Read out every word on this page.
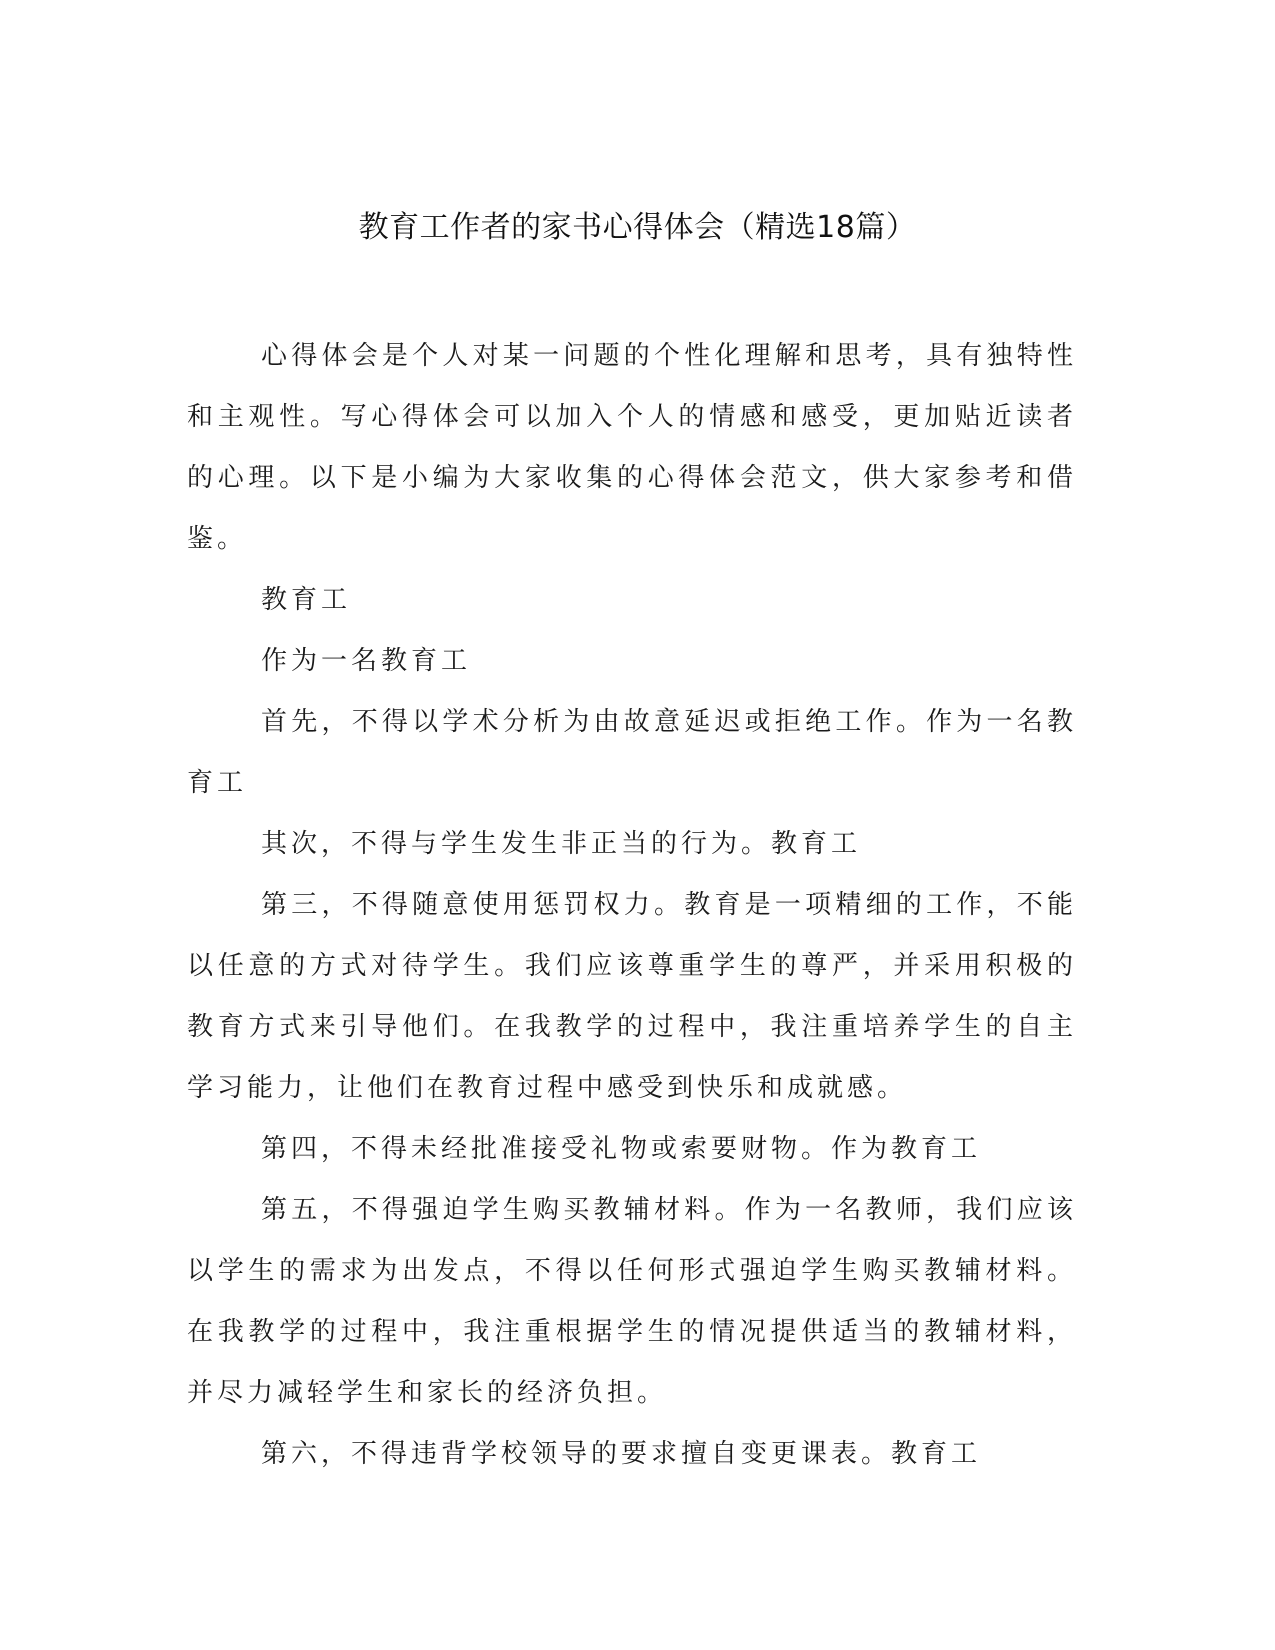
教育工作者的家书心得体会（精选18篇）

心得体会是个人对某一问题的个性化理解和思考，具有独特性和主观性。写心得体会可以加入个人的情感和感受，更加贴近读者的心理。以下是小编为大家收集的心得体会范文，供大家参考和借鉴。

教育工

作为一名教育工

首先，不得以学术分析为由故意延迟或拒绝工作。作为一名教育工

其次，不得与学生发生非正当的行为。教育工

第三，不得随意使用惩罚权力。教育是一项精细的工作，不能以任意的方式对待学生。我们应该尊重学生的尊严，并采用积极的教育方式来引导他们。在我教学的过程中，我注重培养学生的自主学习能力，让他们在教育过程中感受到快乐和成就感。

第四，不得未经批准接受礼物或索要财物。作为教育工

第五，不得强迫学生购买教辅材料。作为一名教师，我们应该以学生的需求为出发点，不得以任何形式强迫学生购买教辅材料。在我教学的过程中，我注重根据学生的情况提供适当的教辅材料，并尽力减轻学生和家长的经济负担。

第六，不得违背学校领导的要求擅自变更课表。教育工
